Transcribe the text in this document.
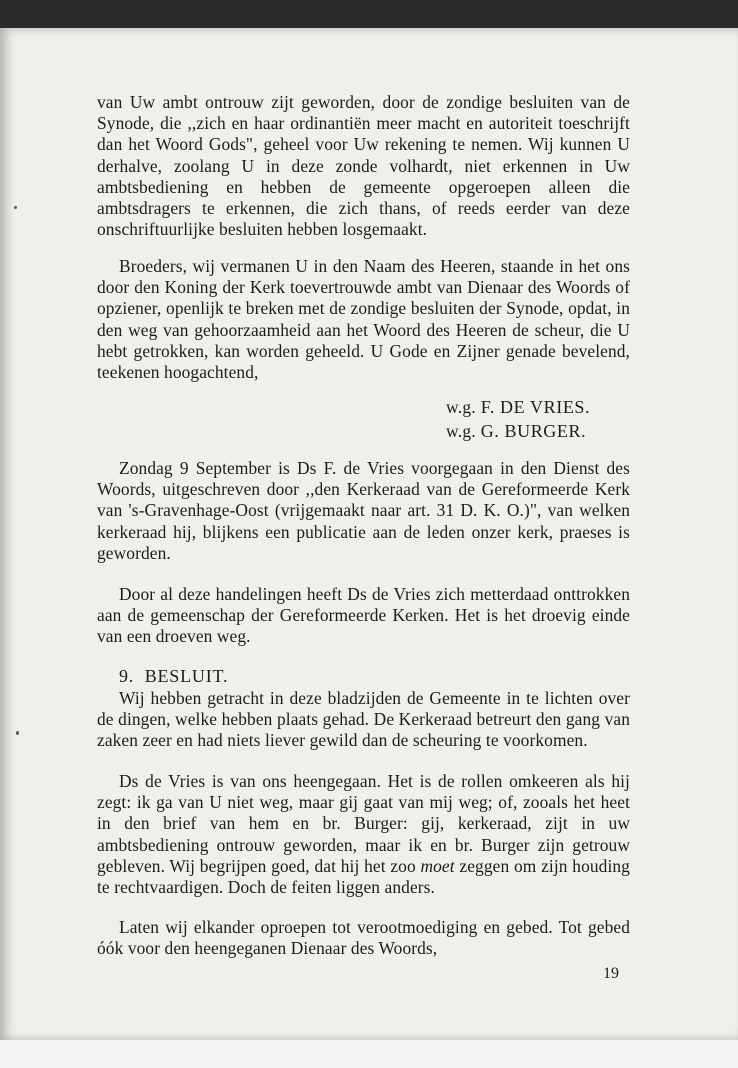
van Uw ambt ontrouw zijt geworden, door de zondige besluiten van de Synode, die ,,zich en haar ordinantiën meer macht en autoriteit toeschrijft dan het Woord Gods", geheel voor Uw rekening te nemen. Wij kunnen U derhalve, zoolang U in deze zonde volhardt, niet erkennen in Uw ambtsbediening en hebben de gemeente opgeroepen alleen die ambtsdragers te erkennen, die zich thans, of reeds eerder van deze onschriftuurlijke besluiten hebben losgemaakt.

Broeders, wij vermanen U in den Naam des Heeren, staande in het ons door den Koning der Kerk toevertrouwde ambt van Dienaar des Woords of opziener, openlijk te breken met de zondige besluiten der Synode, opdat, in den weg van gehoorzaamheid aan het Woord des Heeren de scheur, die U hebt getrokken, kan worden geheeld. U Gode en Zijner genade bevelend, teekenen hoogachtend,

w.g. F. DE VRIES.
w.g. G. BURGER.

Zondag 9 September is Ds F. de Vries voorgegaan in den Dienst des Woords, uitgeschreven door ,,den Kerkeraad van de Gereformeerde Kerk van 's-Gravenhage-Oost (vrijgemaakt naar art. 31 D. K. O.)", van welken kerkeraad hij, blijkens een publicatie aan de leden onzer kerk, praeses is geworden.

Door al deze handelingen heeft Ds de Vries zich metterdaad onttrokken aan de gemeenschap der Gereformeerde Kerken. Het is het droevig einde van een droeven weg.

9.  BESLUIT.

Wij hebben getracht in deze bladzijden de Gemeente in te lichten over de dingen, welke hebben plaats gehad. De Kerkeraad betreurt den gang van zaken zeer en had niets liever gewild dan de scheuring te voorkomen.

Ds de Vries is van ons heengegaan. Het is de rollen omkeeren als hij zegt: ik ga van U niet weg, maar gij gaat van mij weg; of, zooals het heet in den brief van hem en br. Burger: gij, kerkeraad, zijt in uw ambtsbediening ontrouw geworden, maar ik en br. Burger zijn getrouw gebleven. Wij begrijpen goed, dat hij het zoo moet zeggen om zijn houding te rechtvaardigen. Doch de feiten liggen anders.

Laten wij elkander oproepen tot verootmoediging en gebed. Tot gebed óók voor den heengeganen Dienaar des Woords,

19
